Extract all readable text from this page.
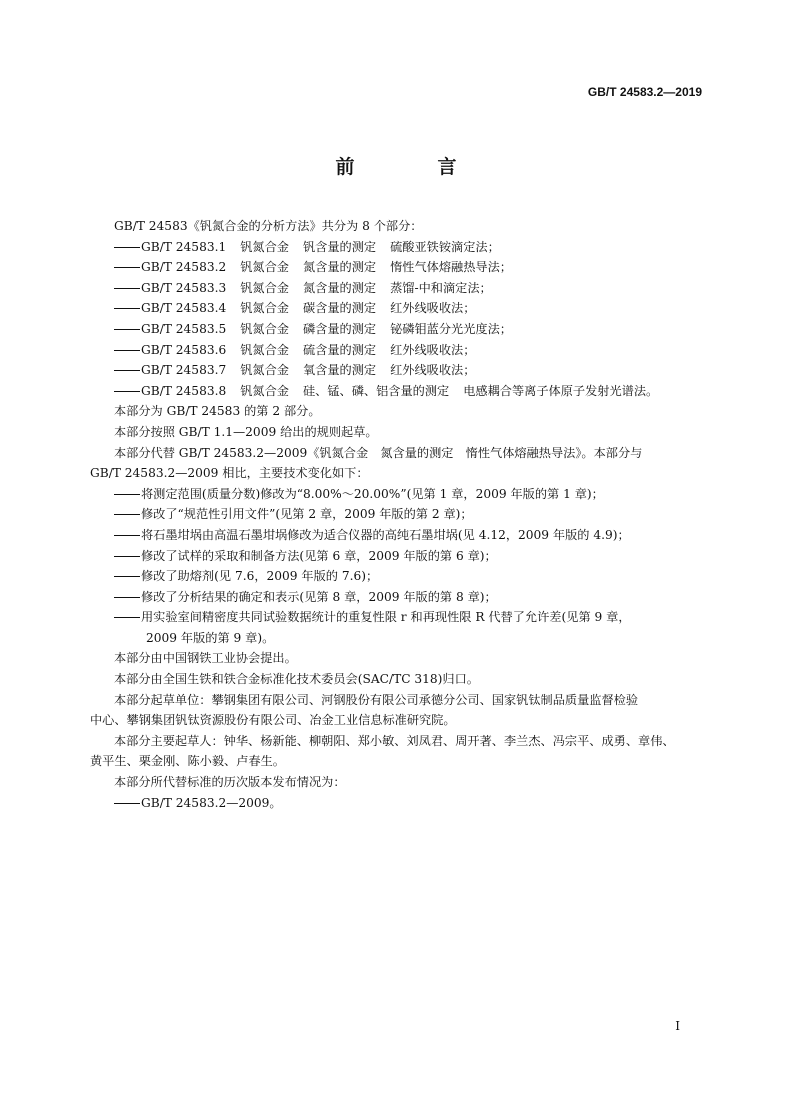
GB/T 24583.2—2019
前　言

GB/T 24583《钒氮合金的分析方法》共分为 8 个部分：

GB/T 24583.1 钒氮合金 钒含量的测定 硫酸亚铁铵滴定法；

GB/T 24583.2 钒氮合金 氮含量的测定 惰性气体熔融热导法；

GB/T 24583.3 钒氮合金 氮含量的测定 蒸馏-中和滴定法；

GB/T 24583.4 钒氮合金 碳含量的测定 红外线吸收法；

GB/T 24583.5 钒氮合金 磷含量的测定 铋磷钼蓝分光光度法；

GB/T 24583.6 钒氮合金 硫含量的测定 红外线吸收法；

GB/T 24583.7 钒氮合金 氧含量的测定 红外线吸收法；

GB/T 24583.8 钒氮合金 硅、锰、磷、铝含量的测定 电感耦合等离子体原子发射光谱法。

本部分为 GB/T 24583 的第 2 部分。

本部分按照 GB/T 1.1—2009 给出的规则起草。

本部分代替 GB/T 24583.2—2009《钒氮合金　氮含量的测定　惰性气体熔融热导法》。本部分与

GB/T 24583.2—2009 相比，主要技术变化如下：

将测定范围(质量分数)修改为“8.00%～20.00%”(见第 1 章，2009 年版的第 1 章)；

修改了“规范性引用文件”(见第 2 章，2009 年版的第 2 章)；

将石墨坩埚由高温石墨坩埚修改为适合仪器的高纯石墨坩埚(见 4.12，2009 年版的 4.9)；

修改了试样的采取和制备方法(见第 6 章，2009 年版的第 6 章)；

修改了助熔剂(见 7.6，2009 年版的 7.6)；

修改了分析结果的确定和表示(见第 8 章，2009 年版的第 8 章)；

用实验室间精密度共同试验数据统计的重复性限 r 和再现性限 R 代替了允许差(见第 9 章，

2009 年版的第 9 章)。

本部分由中国钢铁工业协会提出。

本部分由全国生铁和铁合金标准化技术委员会(SAC/TC 318)归口。

本部分起草单位：攀钢集团有限公司、河钢股份有限公司承德分公司、国家钒钛制品质量监督检验

中心、攀钢集团钒钛资源股份有限公司、冶金工业信息标准研究院。

本部分主要起草人：钟华、杨新能、柳朝阳、郑小敏、刘凤君、周开著、李兰杰、冯宗平、成勇、章伟、

黄平生、栗金刚、陈小毅、卢春生。

本部分所代替标准的历次版本发布情况为：

GB/T 24583.2—2009。

I
